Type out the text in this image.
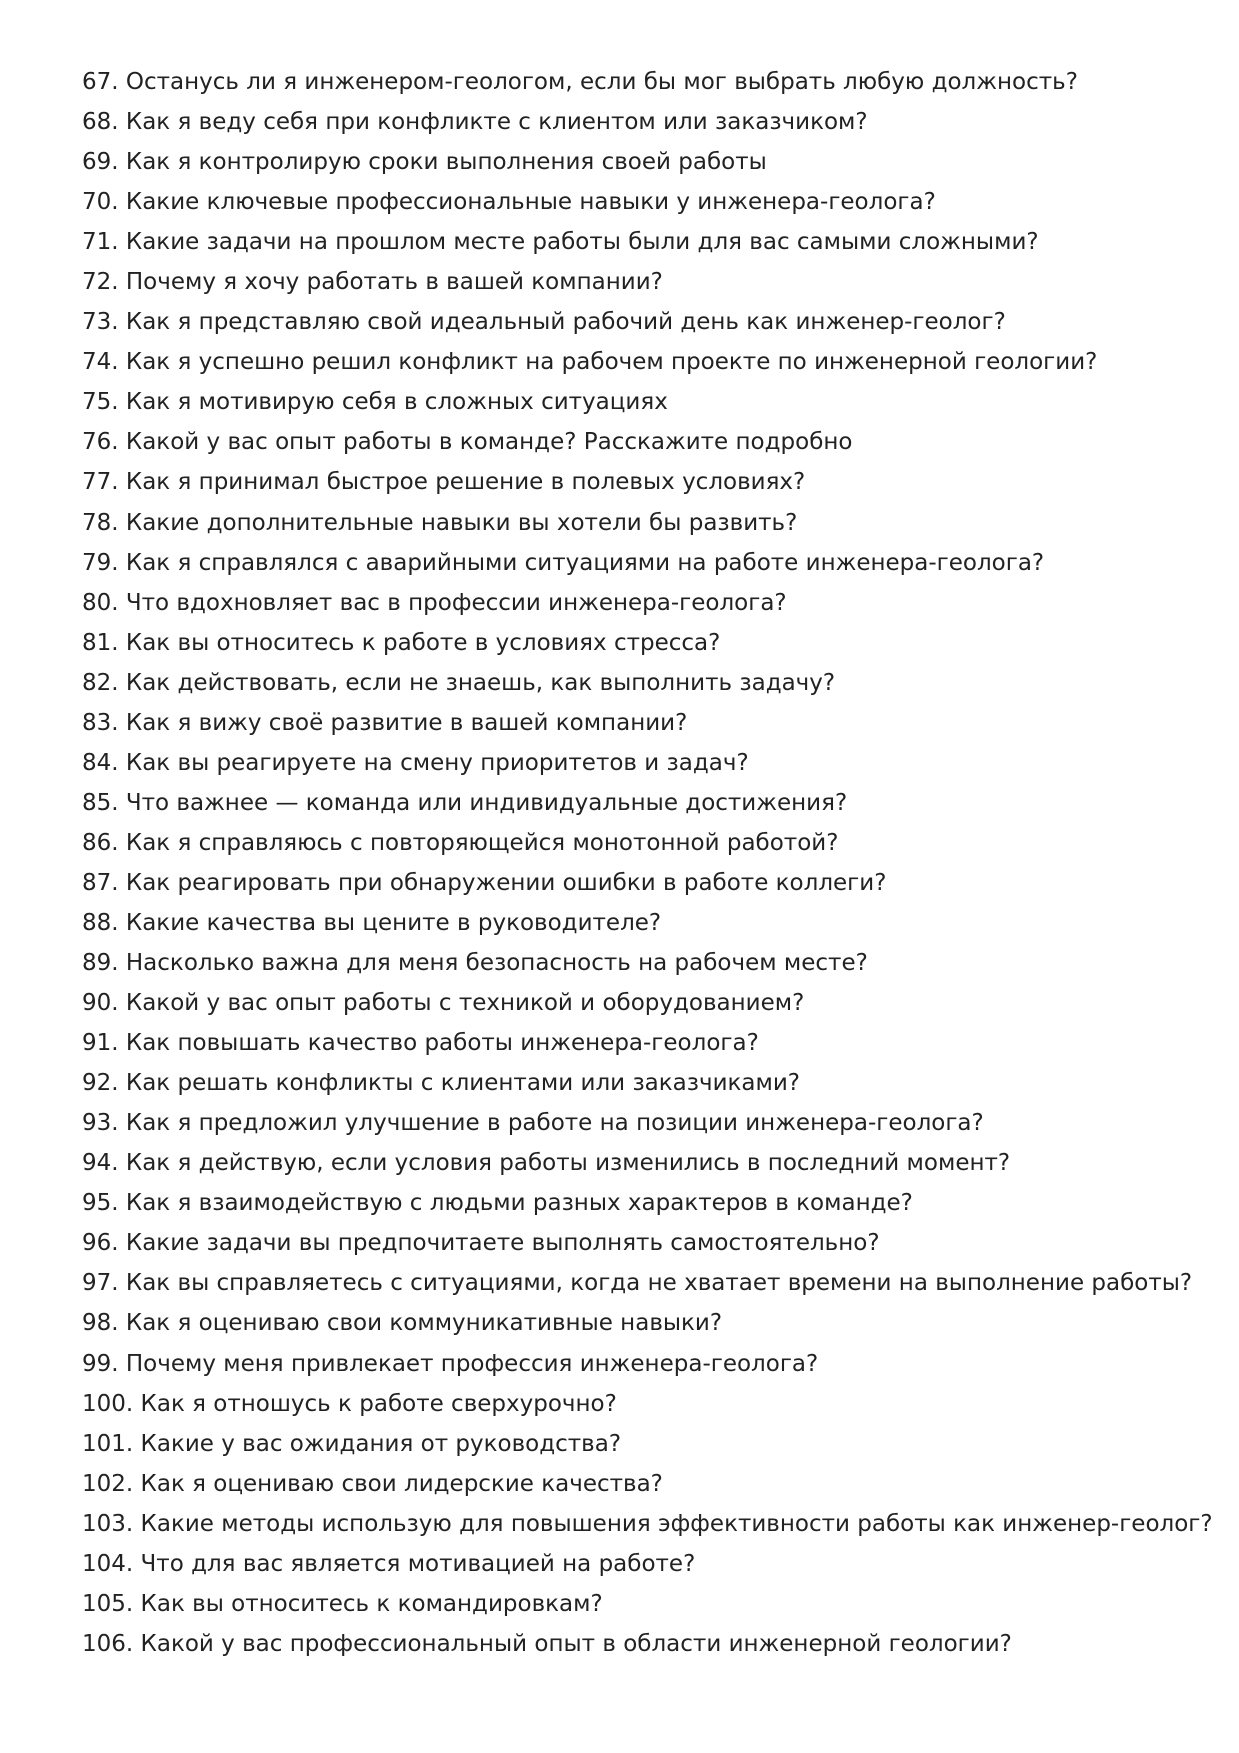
67. Останусь ли я инженером-геологом, если бы мог выбрать любую должность?
68. Как я веду себя при конфликте с клиентом или заказчиком?
69. Как я контролирую сроки выполнения своей работы
70. Какие ключевые профессиональные навыки у инженера-геолога?
71. Какие задачи на прошлом месте работы были для вас самыми сложными?
72. Почему я хочу работать в вашей компании?
73. Как я представляю свой идеальный рабочий день как инженер-геолог?
74. Как я успешно решил конфликт на рабочем проекте по инженерной геологии?
75. Как я мотивирую себя в сложных ситуациях
76. Какой у вас опыт работы в команде? Расскажите подробно
77. Как я принимал быстрое решение в полевых условиях?
78. Какие дополнительные навыки вы хотели бы развить?
79. Как я справлялся с аварийными ситуациями на работе инженера-геолога?
80. Что вдохновляет вас в профессии инженера-геолога?
81. Как вы относитесь к работе в условиях стресса?
82. Как действовать, если не знаешь, как выполнить задачу?
83. Как я вижу своё развитие в вашей компании?
84. Как вы реагируете на смену приоритетов и задач?
85. Что важнее — команда или индивидуальные достижения?
86. Как я справляюсь с повторяющейся монотонной работой?
87. Как реагировать при обнаружении ошибки в работе коллеги?
88. Какие качества вы цените в руководителе?
89. Насколько важна для меня безопасность на рабочем месте?
90. Какой у вас опыт работы с техникой и оборудованием?
91. Как повышать качество работы инженера-геолога?
92. Как решать конфликты с клиентами или заказчиками?
93. Как я предложил улучшение в работе на позиции инженера-геолога?
94. Как я действую, если условия работы изменились в последний момент?
95. Как я взаимодействую с людьми разных характеров в команде?
96. Какие задачи вы предпочитаете выполнять самостоятельно?
97. Как вы справляетесь с ситуациями, когда не хватает времени на выполнение работы?
98. Как я оцениваю свои коммуникативные навыки?
99. Почему меня привлекает профессия инженера-геолога?
100. Как я отношусь к работе сверхурочно?
101. Какие у вас ожидания от руководства?
102. Как я оцениваю свои лидерские качества?
103. Какие методы использую для повышения эффективности работы как инженер-геолог?
104. Что для вас является мотивацией на работе?
105. Как вы относитесь к командировкам?
106. Какой у вас профессиональный опыт в области инженерной геологии?
